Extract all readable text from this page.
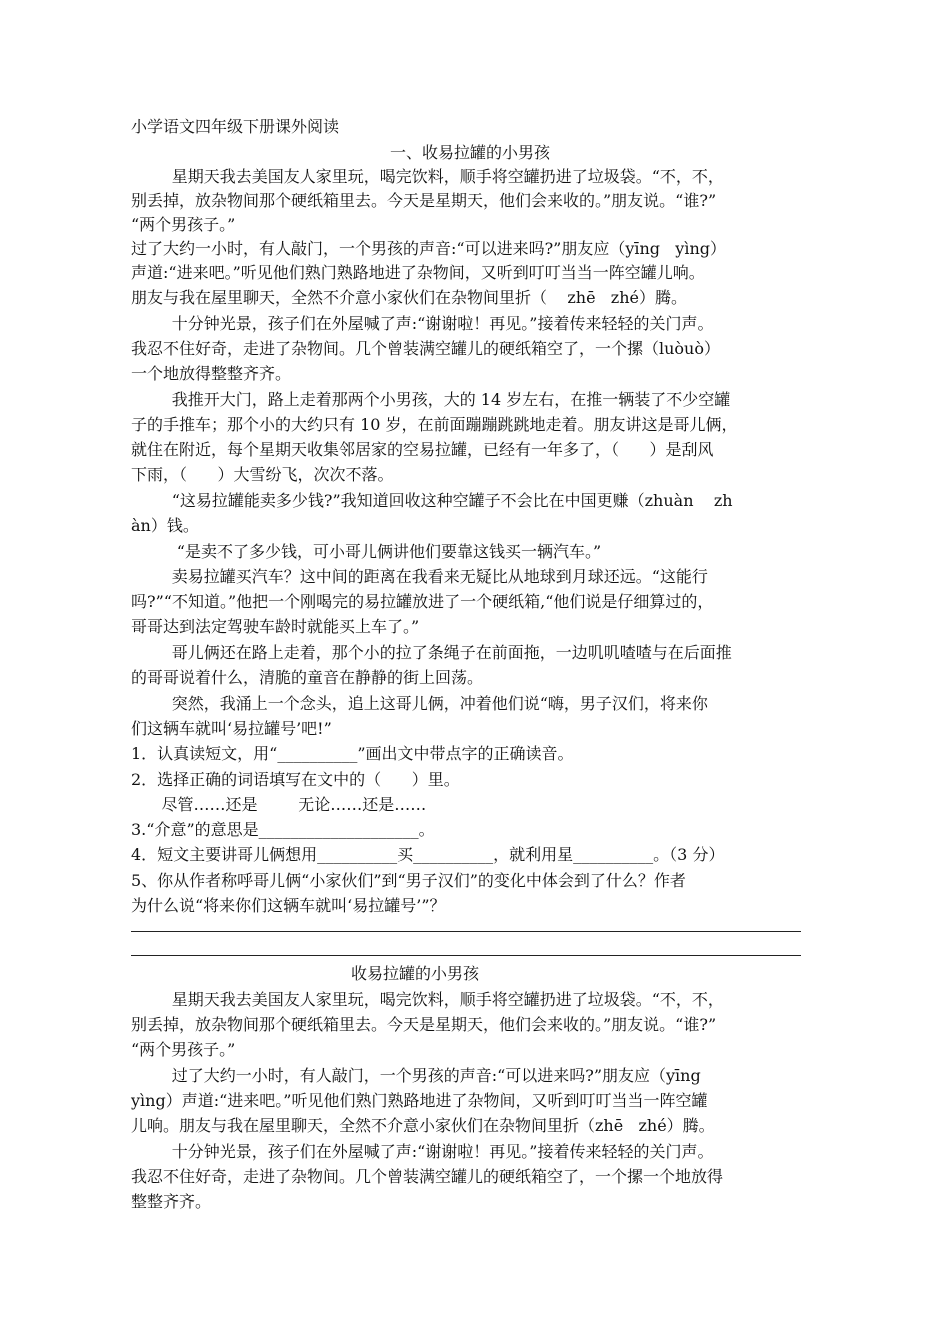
小学语文四年级下册课外阅读
一、收易拉罐的小男孩
星期天我去美国友人家里玩，喝完饮料，顺手将空罐扔进了垃圾袋。“不，不，
别丢掉，放杂物间那个硬纸箱里去。今天是星期天，他们会来收的。”朋友说。“谁?”
“两个男孩子。”
过了大约一小时，有人敲门，一个男孩的声音:“可以进来吗?”朋友应（yīng   yìng）
声道:“进来吧。”听见他们熟门熟路地进了杂物间，又听到叮叮当当一阵空罐儿响。
朋友与我在屋里聊天，全然不介意小家伙们在杂物间里折（    zhē   zhé）腾。
十分钟光景，孩子们在外屋喊了声:“谢谢啦！再见。”接着传来轻轻的关门声。
我忍不住好奇，走进了杂物间。几个曾装满空罐儿的硬纸箱空了，一个摞（luòuò）
一个地放得整整齐齐。
我推开大门，路上走着那两个小男孩，大的 14 岁左右，在推一辆装了不少空罐
子的手推车；那个小的大约只有 10 岁，在前面蹦蹦跳跳地走着。朋友讲这是哥儿俩，
就住在附近，每个星期天收集邻居家的空易拉罐，已经有一年多了，（      ）是刮风
下雨，（      ）大雪纷飞，次次不落。
“这易拉罐能卖多少钱?”我知道回收这种空罐子不会比在中国更赚（zhuàn    zh
àn）钱。
“是卖不了多少钱，可小哥儿俩讲他们要靠这钱买一辆汽车。”
卖易拉罐买汽车？这中间的距离在我看来无疑比从地球到月球还远。“这能行
吗?”“不知道。”他把一个刚喝完的易拉罐放进了一个硬纸箱,“他们说是仔细算过的，
哥哥达到法定驾驶车龄时就能买上车了。”
哥儿俩还在路上走着，那个小的拉了条绳子在前面拖，一边叽叽喳喳与在后面推
的哥哥说着什么，清脆的童音在静静的街上回荡。
突然，我涌上一个念头，追上这哥儿俩，冲着他们说“嗨，男子汉们，将来你
们这辆车就叫‘易拉罐号’吧!”
1．认真读短文，用“__________”画出文中带点字的正确读音。
2．选择正确的词语填写在文中的（      ）里。
尽管……还是        无论……还是……
3.“介意”的意思是____________________。
4．短文主要讲哥儿俩想用__________买__________，就利用星__________。（3 分）
5、你从作者称呼哥儿俩“小家伙们”到“男子汉们”的变化中体会到了什么？作者
为什么说“将来你们这辆车就叫‘易拉罐号’”？
收易拉罐的小男孩
星期天我去美国友人家里玩，喝完饮料，顺手将空罐扔进了垃圾袋。“不，不，
别丢掉，放杂物间那个硬纸箱里去。今天是星期天，他们会来收的。”朋友说。“谁?”
“两个男孩子。”
过了大约一小时，有人敲门，一个男孩的声音:“可以进来吗?”朋友应（yīng
yìng）声道:“进来吧。”听见他们熟门熟路地进了杂物间，又听到叮叮当当一阵空罐
儿响。朋友与我在屋里聊天，全然不介意小家伙们在杂物间里折（zhē   zhé）腾。
十分钟光景，孩子们在外屋喊了声:“谢谢啦！再见。”接着传来轻轻的关门声。
我忍不住好奇，走进了杂物间。几个曾装满空罐儿的硬纸箱空了，一个摞一个地放得
整整齐齐。
